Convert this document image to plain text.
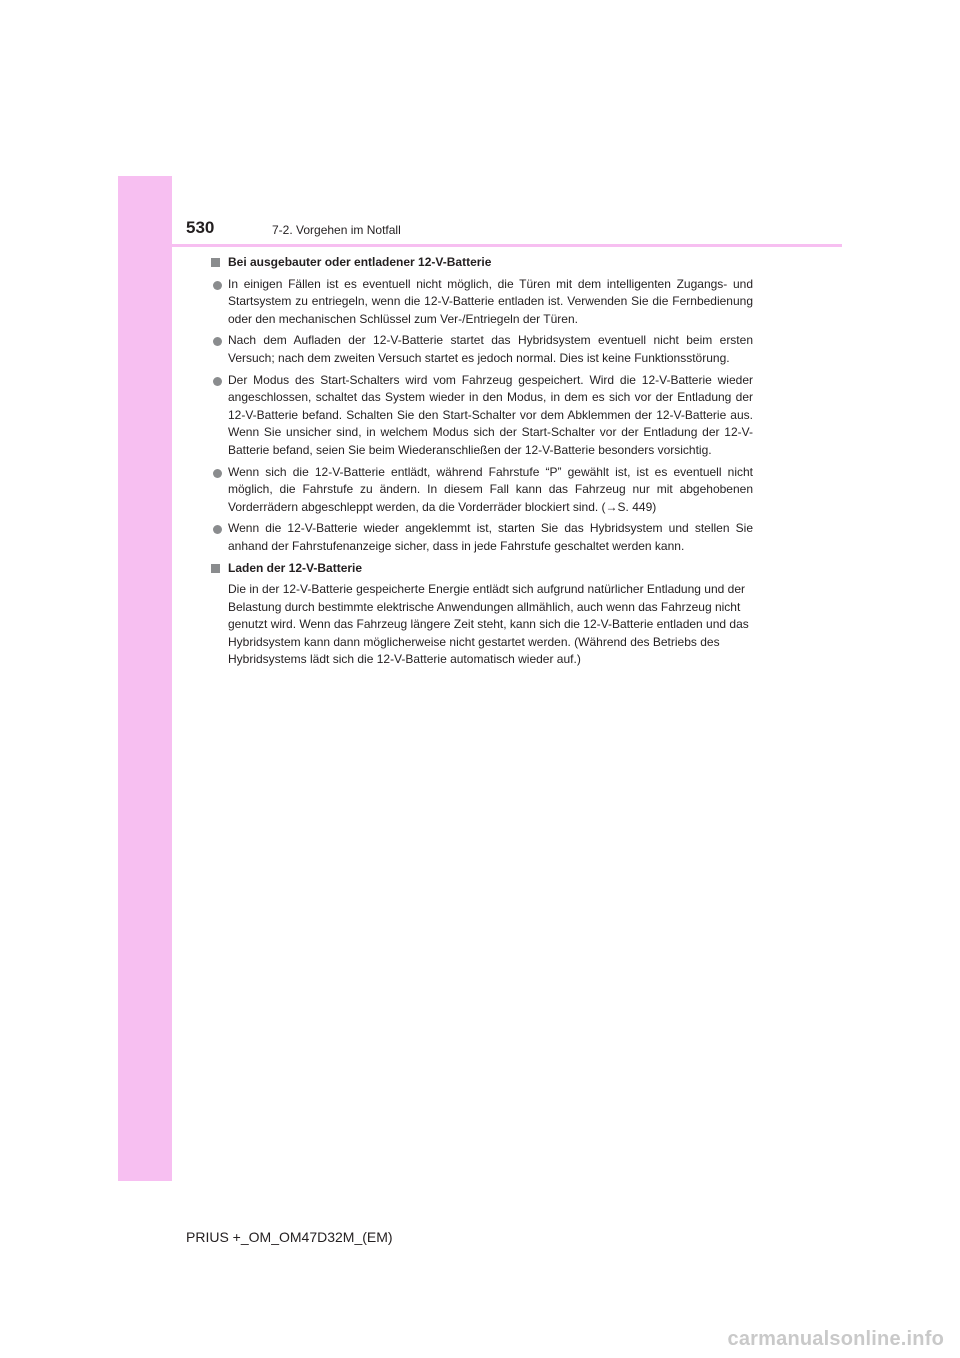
530	7-2. Vorgehen im Notfall
Bei ausgebauter oder entladener 12-V-Batterie
In einigen Fällen ist es eventuell nicht möglich, die Türen mit dem intelligenten Zugangs- und Startsystem zu entriegeln, wenn die 12-V-Batterie entladen ist. Verwenden Sie die Fernbedienung oder den mechanischen Schlüssel zum Ver-/Entriegeln der Türen.
Nach dem Aufladen der 12-V-Batterie startet das Hybridsystem eventuell nicht beim ersten Versuch; nach dem zweiten Versuch startet es jedoch normal. Dies ist keine Funktionsstörung.
Der Modus des Start-Schalters wird vom Fahrzeug gespeichert. Wird die 12-V-Batterie wieder angeschlossen, schaltet das System wieder in den Modus, in dem es sich vor der Entladung der 12-V-Batterie befand. Schalten Sie den Start-Schalter vor dem Abklemmen der 12-V-Batterie aus. Wenn Sie unsicher sind, in welchem Modus sich der Start-Schalter vor der Entladung der 12-V-Batterie befand, seien Sie beim Wiederanschließen der 12-V-Batterie besonders vorsichtig.
Wenn sich die 12-V-Batterie entlädt, während Fahrstufe “P” gewählt ist, ist es eventuell nicht möglich, die Fahrstufe zu ändern. In diesem Fall kann das Fahrzeug nur mit abgehobenen Vorderrädern abgeschleppt werden, da die Vorderräder blockiert sind. (→S. 449)
Wenn die 12-V-Batterie wieder angeklemmt ist, starten Sie das Hybridsystem und stellen Sie anhand der Fahrstufenanzeige sicher, dass in jede Fahrstufe geschaltet werden kann.
Laden der 12-V-Batterie
Die in der 12-V-Batterie gespeicherte Energie entlädt sich aufgrund natürlicher Entladung und der Belastung durch bestimmte elektrische Anwendungen allmählich, auch wenn das Fahrzeug nicht genutzt wird. Wenn das Fahrzeug längere Zeit steht, kann sich die 12-V-Batterie entladen und das Hybridsystem kann dann möglicherweise nicht gestartet werden. (Während des Betriebs des Hybridsystems lädt sich die 12-V-Batterie automatisch wieder auf.)
PRIUS +_OM_OM47D32M_(EM)
carmanualsonline.info
